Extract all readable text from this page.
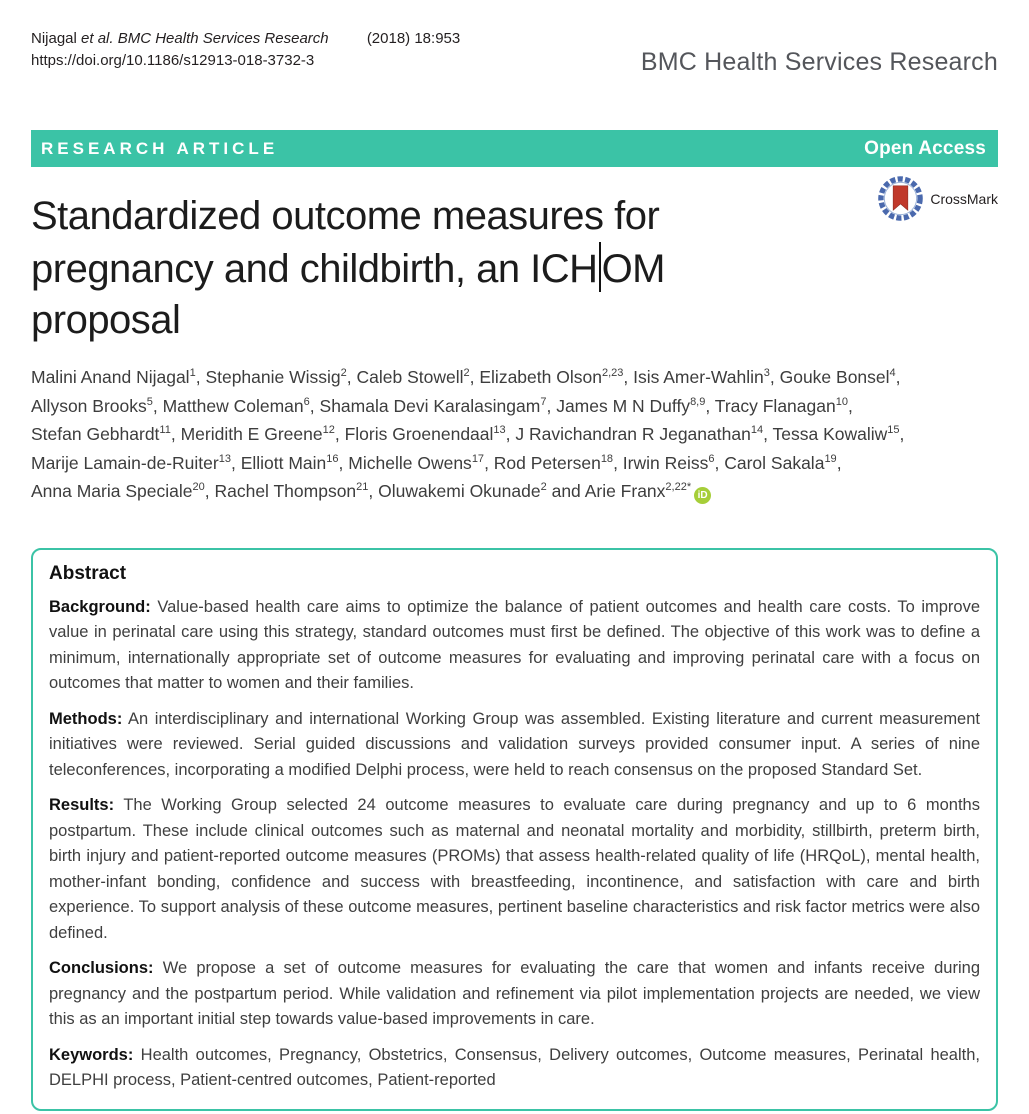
Nijagal et al. BMC Health Services Research	(2018) 18:953
https://doi.org/10.1186/s12913-018-3732-3	BMC Health Services Research
RESEARCH ARTICLE	Open Access
Standardized outcome measures for
pregnancy and childbirth, an ICH OM
proposal
CrossMark
Malini Anand Nijagal$^1$, Stephanie Wissig$^2$, Caleb Stowell$^2$, Elizabeth Olson$^{2,23}$, Isis Amer-Wahlin$^3$, Gouke Bonsel$^4$,
Allyson Brooks$^5$, Matthew Coleman$^6$, Shamala Devi Karalasingam$^7$, James M N Duffy$^{8,9}$, Tracy Flanagan$^{10}$,
Stefan Gebhardt$^{11}$, Meridith E Greene$^{12}$, Floris Groenendaal$^{13}$, J Ravichandran R Jeganathan$^{14}$, Tessa Kowaliw$^{15}$,
Marije Lamain-de-Ruiter$^{13}$, Elliott Main$^{16}$, Michelle Owens$^{17}$, Rod Petersen$^{18}$, Irwin Reiss$^6$, Carol Sakala$^{19}$,
Anna Maria Speciale$^{20}$, Rachel Thompson$^{21}$, Oluwakemi Okunade$^2$ and Arie Franx$^{2,22*}$iD
Abstract

Background: Value-based health care aims to optimize the balance of patient outcomes and health care costs. To improve value in perinatal care using this strategy, standard outcomes must first be defined. The objective of this work was to define a minimum, internationally appropriate set of outcome measures for evaluating and improving perinatal care with a focus on outcomes that matter to women and their families.

Methods: An interdisciplinary and international Working Group was assembled. Existing literature and current measurement initiatives were reviewed. Serial guided discussions and validation surveys provided consumer input. A series of nine teleconferences, incorporating a modified Delphi process, were held to reach consensus on the proposed Standard Set.

Results: The Working Group selected 24 outcome measures to evaluate care during pregnancy and up to 6 months postpartum. These include clinical outcomes such as maternal and neonatal mortality and morbidity, stillbirth, preterm birth, birth injury and patient-reported outcome measures (PROMs) that assess health-related quality of life (HRQoL), mental health, mother-infant bonding, confidence and success with breastfeeding, incontinence, and satisfaction with care and birth experience. To support analysis of these outcome measures, pertinent baseline characteristics and risk factor metrics were also defined.

Conclusions: We propose a set of outcome measures for evaluating the care that women and infants receive during pregnancy and the postpartum period. While validation and refinement via pilot implementation projects are needed, we view this as an important initial step towards value-based improvements in care.

Keywords: Health outcomes, Pregnancy, Obstetrics, Consensus, Delivery outcomes, Outcome measures, Perinatal health, DELPHI process, Patient-centred outcomes, Patient-reported
